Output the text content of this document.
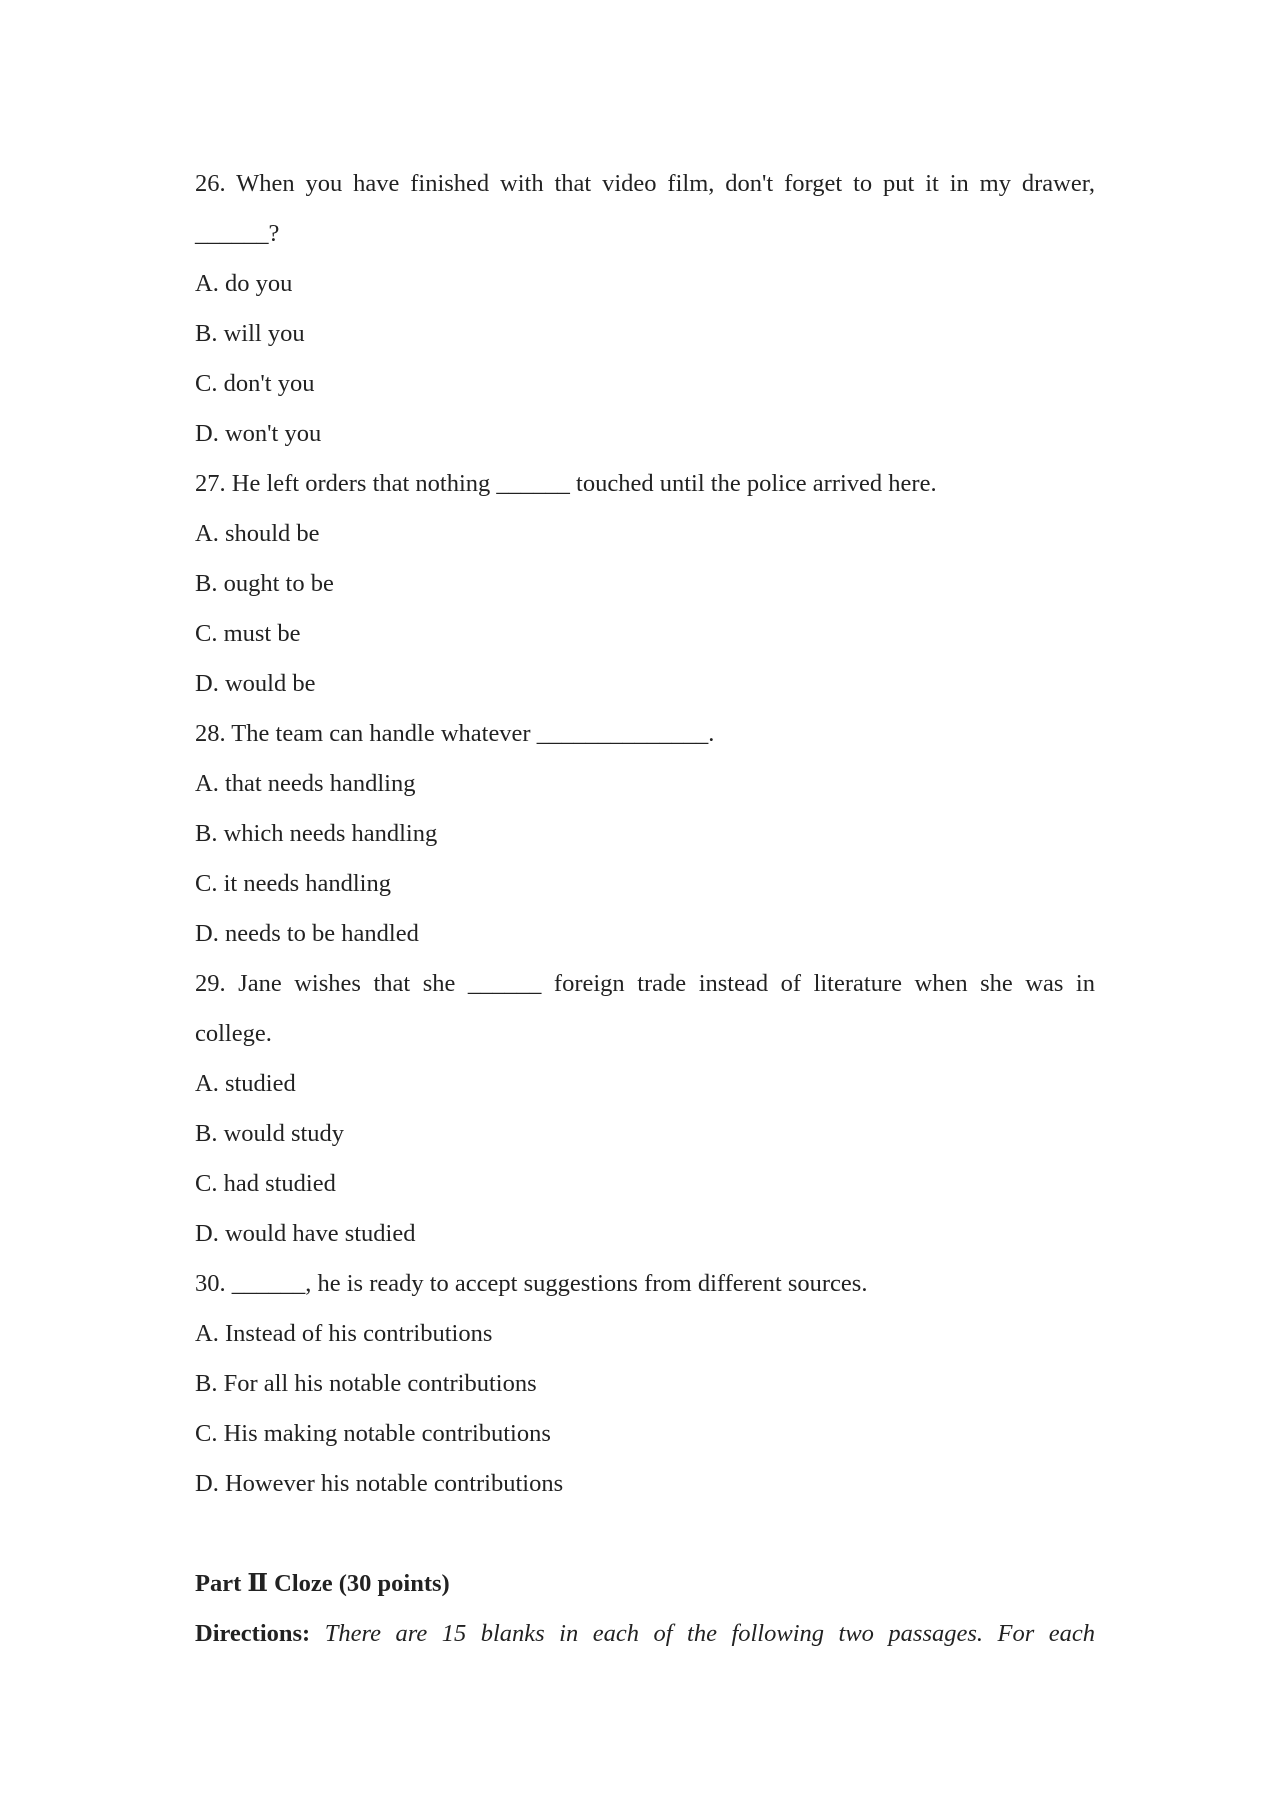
26. When you have finished with that video film, don't forget to put it in my drawer,
______?
A. do you
B. will you
C. don't you
D. won't you
27. He left orders that nothing ______ touched until the police arrived here.
A. should be
B. ought to be
C. must be
D. would be
28. The team can handle whatever ______________.
A. that needs handling
B. which needs handling
C. it needs handling
D. needs to be handled
29. Jane wishes that she ______ foreign trade instead of literature when she was in
college.
A. studied
B. would study
C. had studied
D. would have studied
30. ______, he is ready to accept suggestions from different sources.
A. Instead of his contributions
B. For all his notable contributions
C. His making notable contributions
D. However his notable contributions
Part Ⅱ Cloze (30 points)
Directions: There are 15 blanks in each of the following two passages. For each
